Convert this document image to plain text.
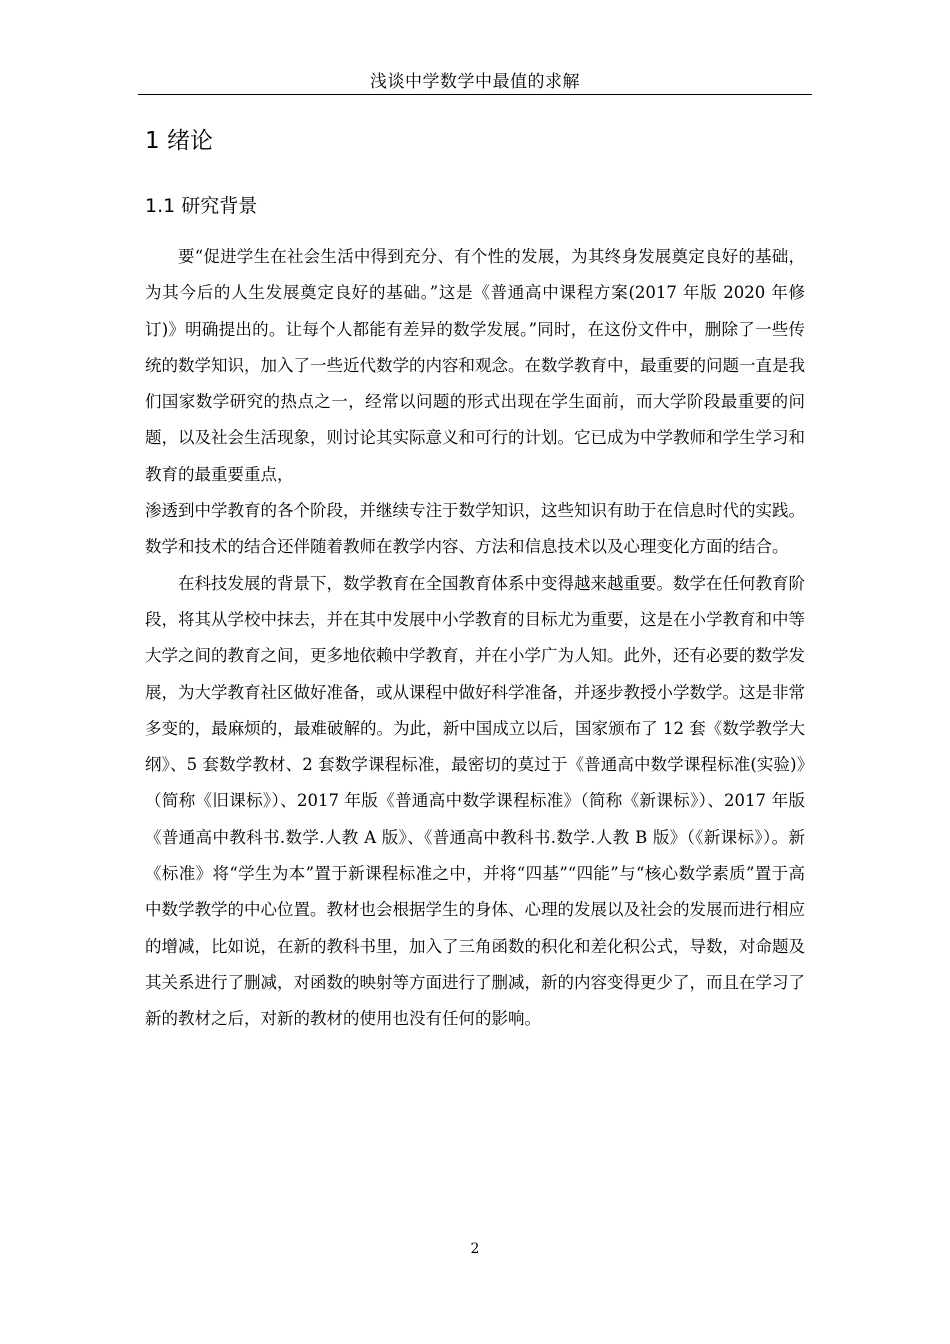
浅谈中学数学中最值的求解
1 绪论
1.1 研究背景

要“促进学生在社会生活中得到充分、有个性的发展，为其终身发展奠定良好的基础，为其今后的人生发展奠定良好的基础。”这是《普通高中课程方案(2017 年版 2020 年修订)》明确提出的。让每个人都能有差异的数学发展。”同时，在这份文件中，删除了一些传统的数学知识，加入了一些近代数学的内容和观念。在数学教育中，最重要的问题一直是我们国家数学研究的热点之一，经常以问题的形式出现在学生面前，而大学阶段最重要的问题，以及社会生活现象，则讨论其实际意义和可行的计划。它已成为中学教师和学生学习和教育的最重要重点，

渗透到中学教育的各个阶段，并继续专注于数学知识，这些知识有助于在信息时代的实践。数学和技术的结合还伴随着教师在教学内容、方法和信息技术以及心理变化方面的结合。

在科技发展的背景下，数学教育在全国教育体系中变得越来越重要。数学在任何教育阶段，将其从学校中抹去，并在其中发展中小学教育的目标尤为重要，这是在小学教育和中等大学之间的教育之间，更多地依赖中学教育，并在小学广为人知。此外，还有必要的数学发展，为大学教育社区做好准备，或从课程中做好科学准备，并逐步教授小学数学。这是非常多变的，最麻烦的，最难破解的。为此，新中国成立以后，国家颁布了 12 套《数学教学大纲》、5 套数学教材、2 套数学课程标准，最密切的莫过于《普通高中数学课程标准(实验)》（简称《旧课标》）、2017 年版《普通高中数学课程标准》（简称《新课标》）、2017 年版《普通高中教科书.数学.人教 A 版》、《普通高中教科书.数学.人教 B 版》（《新课标》）。新《标准》将“学生为本”置于新课程标准之中，并将“四基”“四能”与“核心数学素质”置于高中数学教学的中心位置。教材也会根据学生的身体、心理的发展以及社会的发展而进行相应的增减，比如说，在新的教科书里，加入了三角函数的积化和差化积公式，导数，对命题及其关系进行了删减，对函数的映射等方面进行了删减，新的内容变得更少了，而且在学习了新的教材之后，对新的教材的使用也没有任何的影响。

2
